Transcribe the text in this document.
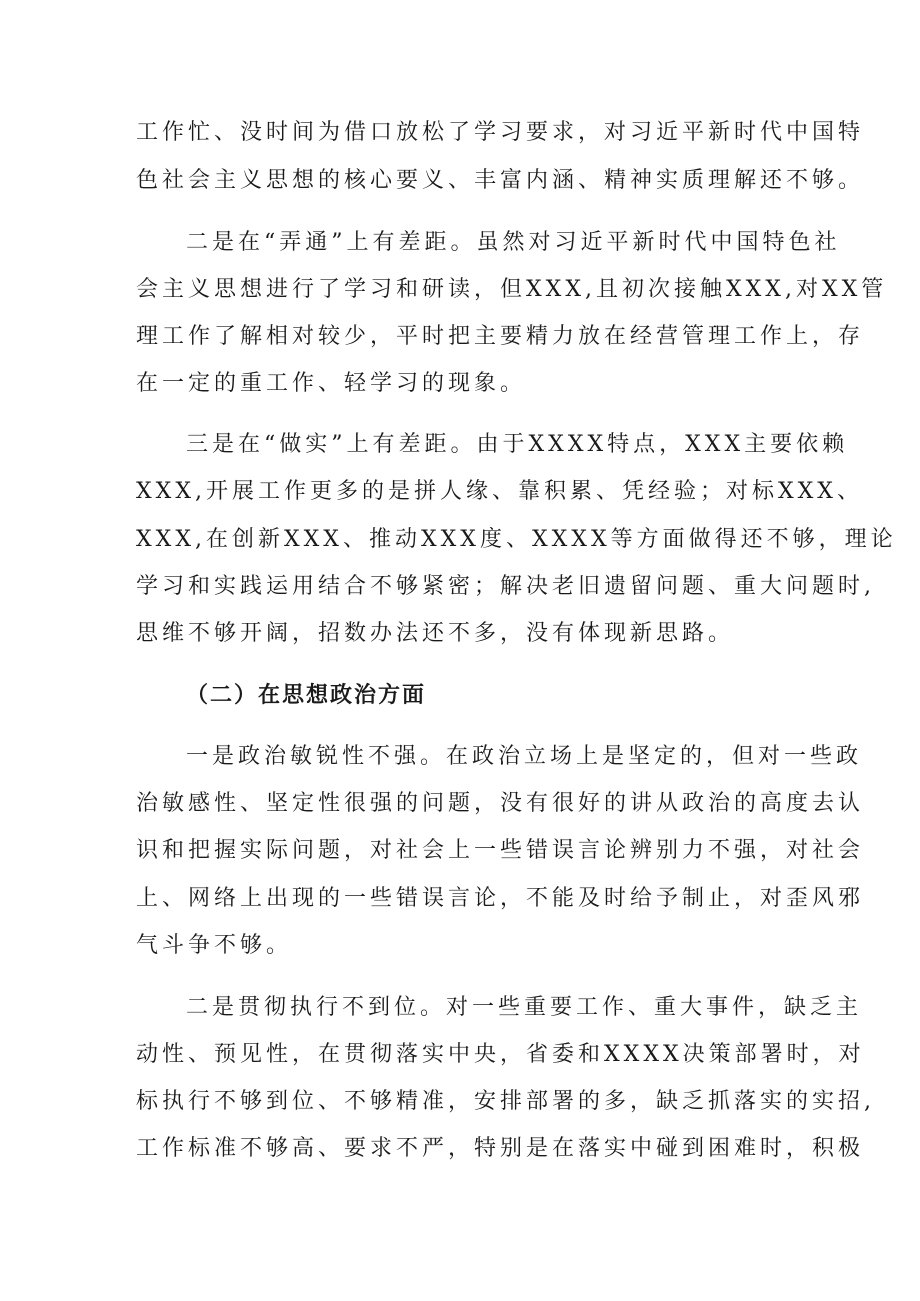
工作忙、没时间为借口放松了学习要求，对习近平新时代中国特
色社会主义思想的核心要义、丰富内涵、精神实质理解还不够。
二是在“弄通”上有差距。虽然对习近平新时代中国特色社
会主义思想进行了学习和研读，但XXX,且初次接触XXX,对XX管
理工作了解相对较少，平时把主要精力放在经营管理工作上，存
在一定的重工作、轻学习的现象。
三是在“做实”上有差距。由于XXXX特点，XXX主要依赖
XXX,开展工作更多的是拼人缘、靠积累、凭经验；对标XXX、
XXX,在创新XXX、推动XXX度、XXXX等方面做得还不够，理论
学习和实践运用结合不够紧密；解决老旧遗留问题、重大问题时,
思维不够开阔，招数办法还不多，没有体现新思路。
（二）在思想政治方面
一是政治敏锐性不强。在政治立场上是坚定的，但对一些政
治敏感性、坚定性很强的问题，没有很好的讲从政治的高度去认
识和把握实际问题，对社会上一些错误言论辨别力不强，对社会
上、网络上出现的一些错误言论，不能及时给予制止，对歪风邪
气斗争不够。
二是贯彻执行不到位。对一些重要工作、重大事件，缺乏主
动性、预见性，在贯彻落实中央，省委和XXXX决策部署时，对
标执行不够到位、不够精准，安排部署的多，缺乏抓落实的实招,
工作标准不够高、要求不严，特别是在落实中碰到困难时，积极
